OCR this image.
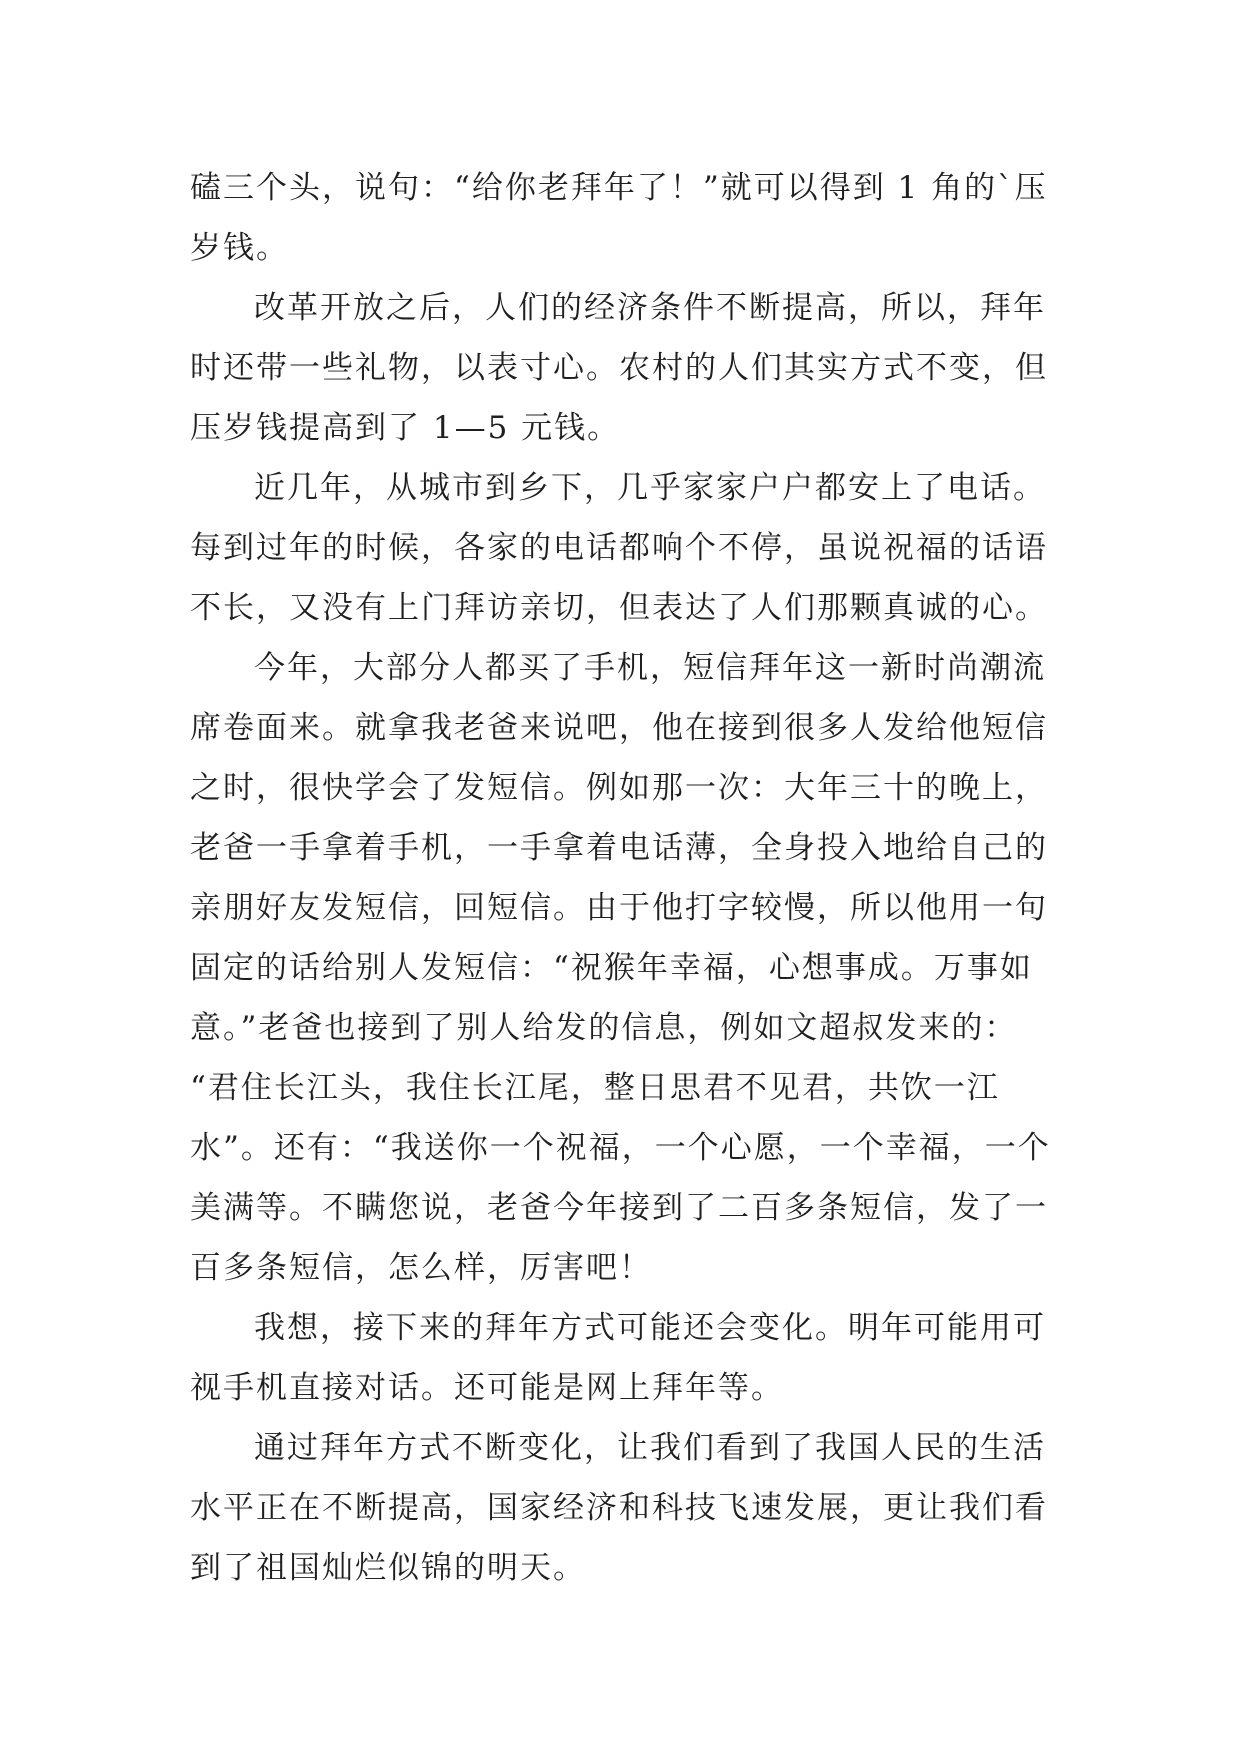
磕三个头，说句：“给你老拜年了！”就可以得到 1 角的`压
岁钱。

改革开放之后，人们的经济条件不断提高，所以，拜年
时还带一些礼物，以表寸心。农村的人们其实方式不变，但
压岁钱提高到了 1—5 元钱。

近几年，从城市到乡下，几乎家家户户都安上了电话。
每到过年的时候，各家的电话都响个不停，虽说祝福的话语
不长，又没有上门拜访亲切，但表达了人们那颗真诚的心。

今年，大部分人都买了手机，短信拜年这一新时尚潮流
席卷面来。就拿我老爸来说吧，他在接到很多人发给他短信
之时，很快学会了发短信。例如那一次：大年三十的晚上，
老爸一手拿着手机，一手拿着电话薄，全身投入地给自己的
亲朋好友发短信，回短信。由于他打字较慢，所以他用一句
固定的话给别人发短信：“祝猴年幸福，心想事成。万事如
意。”老爸也接到了别人给发的信息，例如文超叔发来的：
“君住长江头，我住长江尾，整日思君不见君，共饮一江
水”。还有：“我送你一个祝福，一个心愿，一个幸福，一个
美满等。不瞒您说，老爸今年接到了二百多条短信，发了一
百多条短信，怎么样，厉害吧！

我想，接下来的拜年方式可能还会变化。明年可能用可
视手机直接对话。还可能是网上拜年等。

通过拜年方式不断变化，让我们看到了我国人民的生活
水平正在不断提高，国家经济和科技飞速发展，更让我们看
到了祖国灿烂似锦的明天。
